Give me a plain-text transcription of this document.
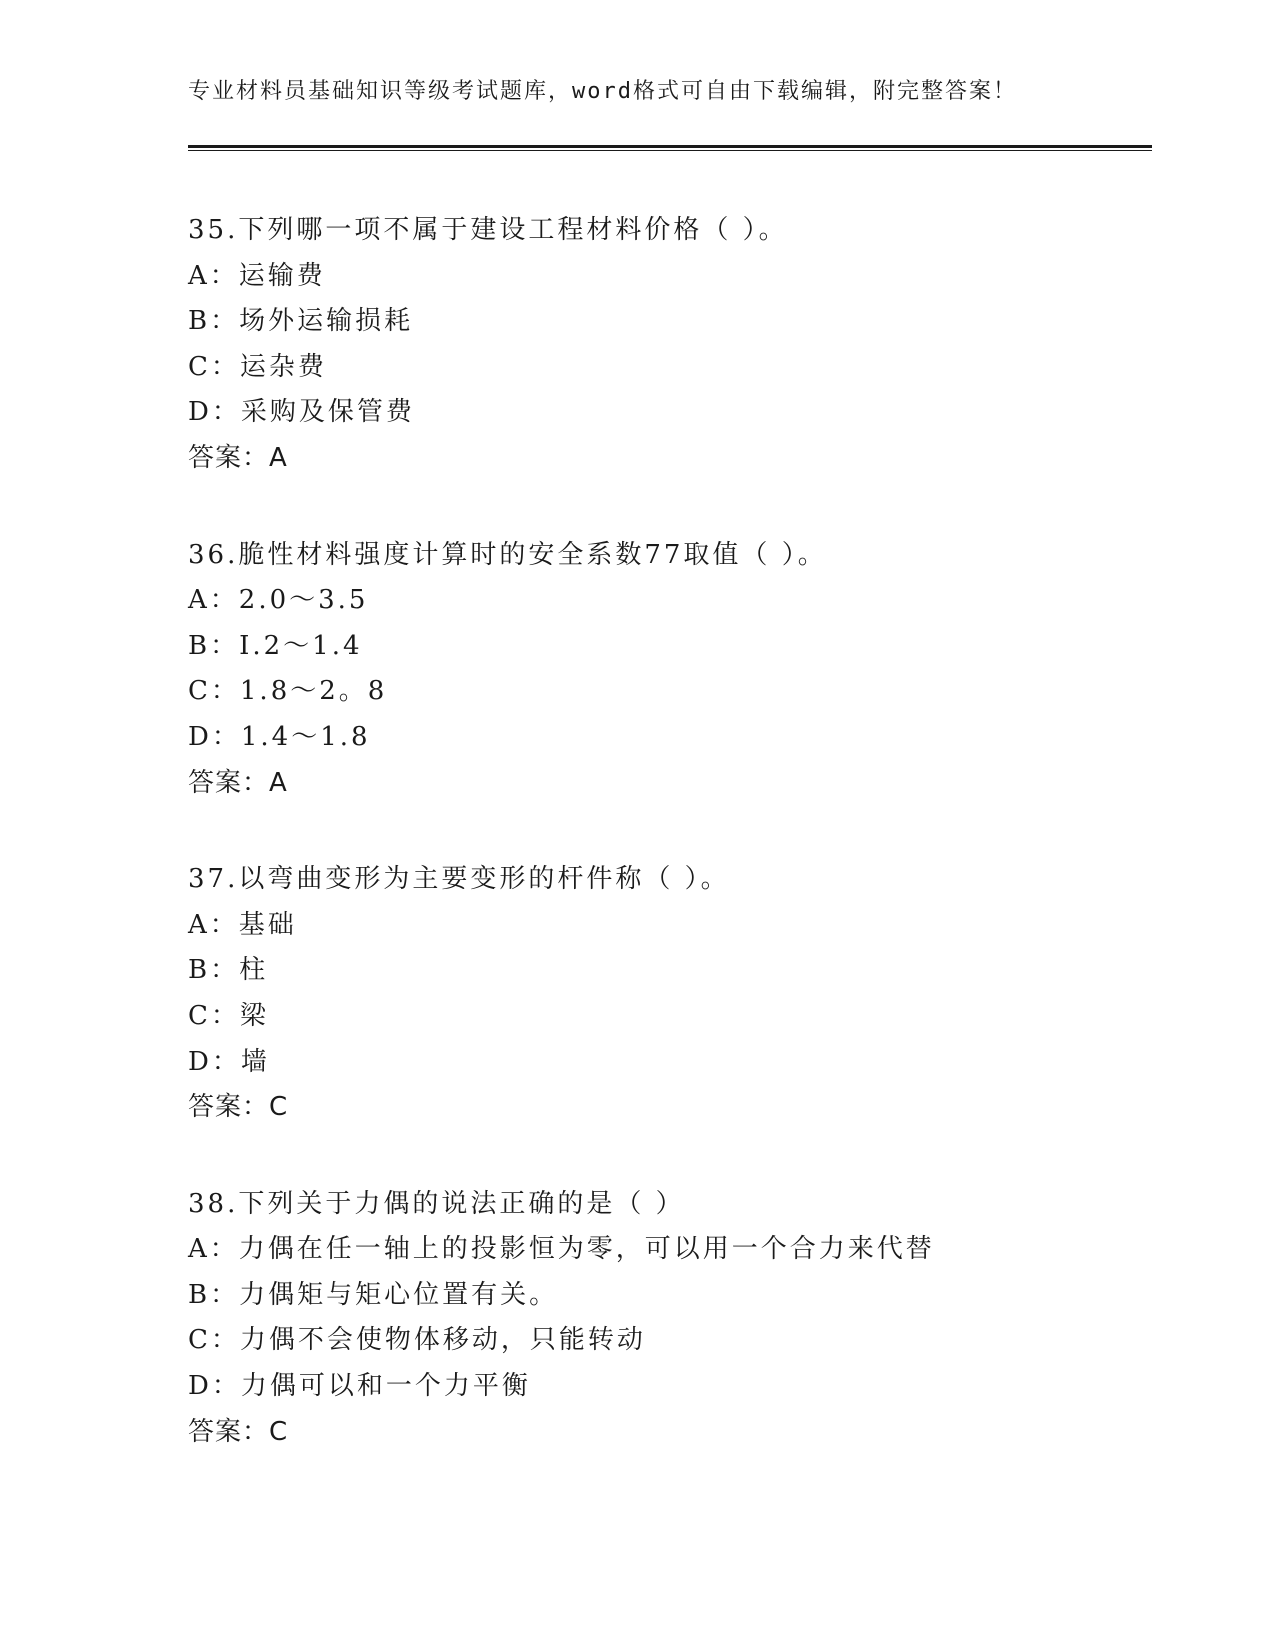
专业材料员基础知识等级考试题库，word格式可自由下载编辑，附完整答案！
35.下列哪一项不属于建设工程材料价格（ ）。
A：运输费
B：场外运输损耗
C：运杂费
D：采购及保管费
答案：A
36.脆性材料强度计算时的安全系数77取值（ ）。
A：2.0～3.5
B：I.2～1.4
C：1.8～2。8
D：1.4～1.8
答案：A
37.以弯曲变形为主要变形的杆件称（ ）。
A：基础
B：柱
C：梁
D：墙
答案：C
38.下列关于力偶的说法正确的是（ ）
A：力偶在任一轴上的投影恒为零，可以用一个合力来代替
B：力偶矩与矩心位置有关。
C：力偶不会使物体移动，只能转动
D：力偶可以和一个力平衡
答案：C
